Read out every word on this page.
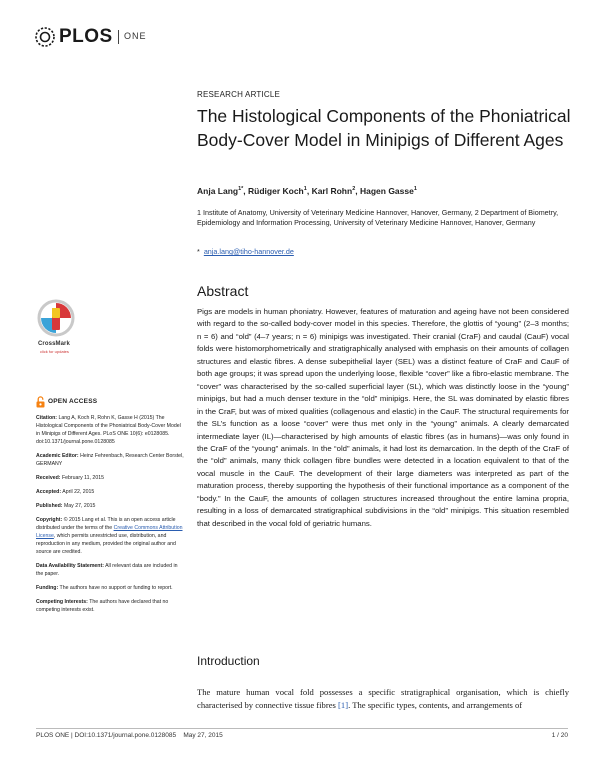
PLOS ONE
RESEARCH ARTICLE
The Histological Components of the Phoniatrical Body-Cover Model in Minipigs of Different Ages
Anja Lang$^{1*}$, Rüdiger Koch$^1$, Karl Rohn$^2$, Hagen Gasse$^1$
1 Institute of Anatomy, University of Veterinary Medicine Hannover, Hanover, Germany, 2 Department of Biometry, Epidemiology and Information Processing, University of Veterinary Medicine Hannover, Hanover, Germany
* anja.lang@tiho-hannover.de
Abstract
Pigs are models in human phoniatry. However, features of maturation and ageing have not been considered with regard to the so-called body-cover model in this species. Therefore, the glottis of “young” (2–3 months; n = 6) and “old” (4–7 years; n = 6) minipigs was investigated. Their cranial (CraF) and caudal (CauF) vocal folds were histomorphometrically and stratigraphically analysed with emphasis on their amounts of collagen structures and elastic fibres. A dense subepithelial layer (SEL) was a distinct feature of CraF and CauF of both age groups; it was spread upon the underlying loose, flexible “cover” like a fibro-elastic membrane. The “cover” was characterised by the so-called superficial layer (SL), which was distinctly loose in the “young” minipigs, but had a much denser texture in the “old” minipigs. Here, the SL was dominated by elastic fibres in the CraF, but was of mixed qualities (collagenous and elastic) in the CauF. The structural requirements for the SL’s function as a loose “cover” were thus met only in the “young” animals. A clearly demarcated intermediate layer (IL)—characterised by high amounts of elastic fibres (as in humans)—was only found in the CraF of the “young” animals. In the “old” animals, it had lost its demarcation. In the depth of the CraF of the “old” animals, many thick collagen fibre bundles were detected in a location equivalent to that of the vocal muscle in the CauF. The development of their large diameters was interpreted as part of the maturation process, thereby supporting the hypothesis of their functional importance as a component of the “body.” In the CauF, the amounts of collagen structures increased throughout the entire lamina propria, resulting in a loss of demarcated stratigraphical subdivisions in the “old” minipigs. This situation resembled that described in the vocal fold of geriatric humans.
CrossMark
click for updates
OPEN ACCESS
Citation: Lang A, Koch R, Rohn K, Gasse H (2015) The Histological Components of the Phoniatrical Body-Cover Model in Minipigs of Different Ages. PLoS ONE 10(6): e0128085. doi:10.1371/journal.pone.0128085
Academic Editor: Heinz Fehrenbach, Research Center Borstel, GERMANY
Received: February 11, 2015
Accepted: April 22, 2015
Published: May 27, 2015
Copyright: © 2015 Lang et al. This is an open access article distributed under the terms of the Creative Commons Attribution License, which permits unrestricted use, distribution, and reproduction in any medium, provided the original author and source are credited.
Data Availability Statement: All relevant data are included in the paper.
Funding: The authors have no support or funding to report.
Competing Interests: The authors have declared that no competing interests exist.
Introduction
The mature human vocal fold possesses a specific stratigraphical organisation, which is chiefly characterised by connective tissue fibres [1]. The specific types, contents, and arrangements of
PLOS ONE | DOI:10.1371/journal.pone.0128085 May 27, 2015	1 / 20
